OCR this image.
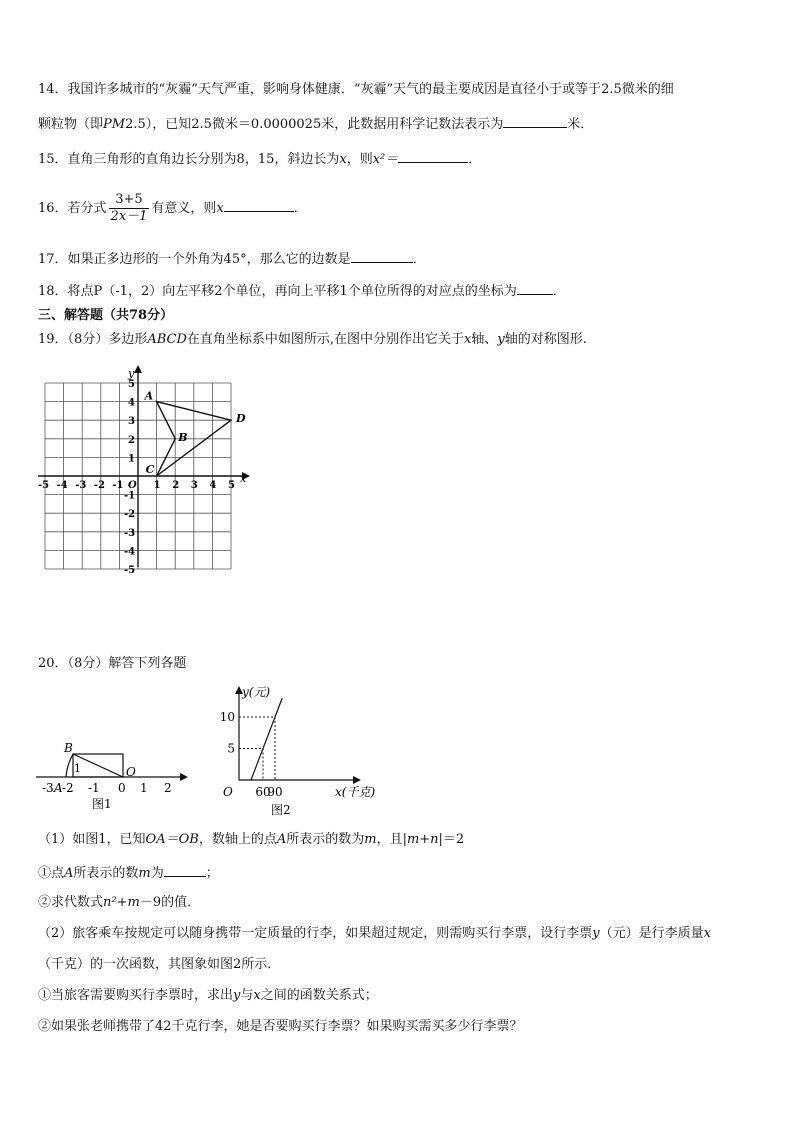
14．我国许多城市的“灰霾”天气严重，影响身体健康．“灰霾”天气的最主要成因是直径小于或等于2.5微米的细
颗粒物（即PM2.5），已知2.5微米＝0.0000025米，此数据用科学记数法表示为	米．
15．直角三角形的直角边长分别为8，15，斜边长为x，则x²＝	．
16．若分式 $\frac{3+5}{2x-1}$ 有意义，则x	．
17．如果正多边形的一个外角为45°，那么它的边数是	．
18．将点P（-1，2）向左平移2个单位，再向上平移1个单位所得的对应点的坐标为	．
三、解答题（共78分）
19．（8分）多边形ABCD在直角坐标系中如图所示,在图中分别作出它关于x轴、y轴的对称图形.
x
y
-5 -4 -3 -2 -1 O 1 2 3 4 5
1
2
3
4
5
-1
-2
-3
-4
-5
A
B
C
D
20．（8分）解答下列各题
B
1	O
A
-3 -2 -1 0 1 2
图1
y(元)
x(千克)
O
10
5
60
90
图2
（1）如图1，已知OA＝OB，数轴上的点A所表示的数为m，且|m+n|＝2
①点A所表示的数m为	；
②求代数式n²+m－9的值．
（2）旅客乘车按规定可以随身携带一定质量的行李，如果超过规定，则需购买行李票，设行李票y（元）是行李质量x
（千克）的一次函数，其图象如图2所示．
①当旅客需要购买行李票时，求出y与x之间的函数关系式；
②如果张老师携带了42千克行李，她是否要购买行李票？如果购买需买多少行李票？
